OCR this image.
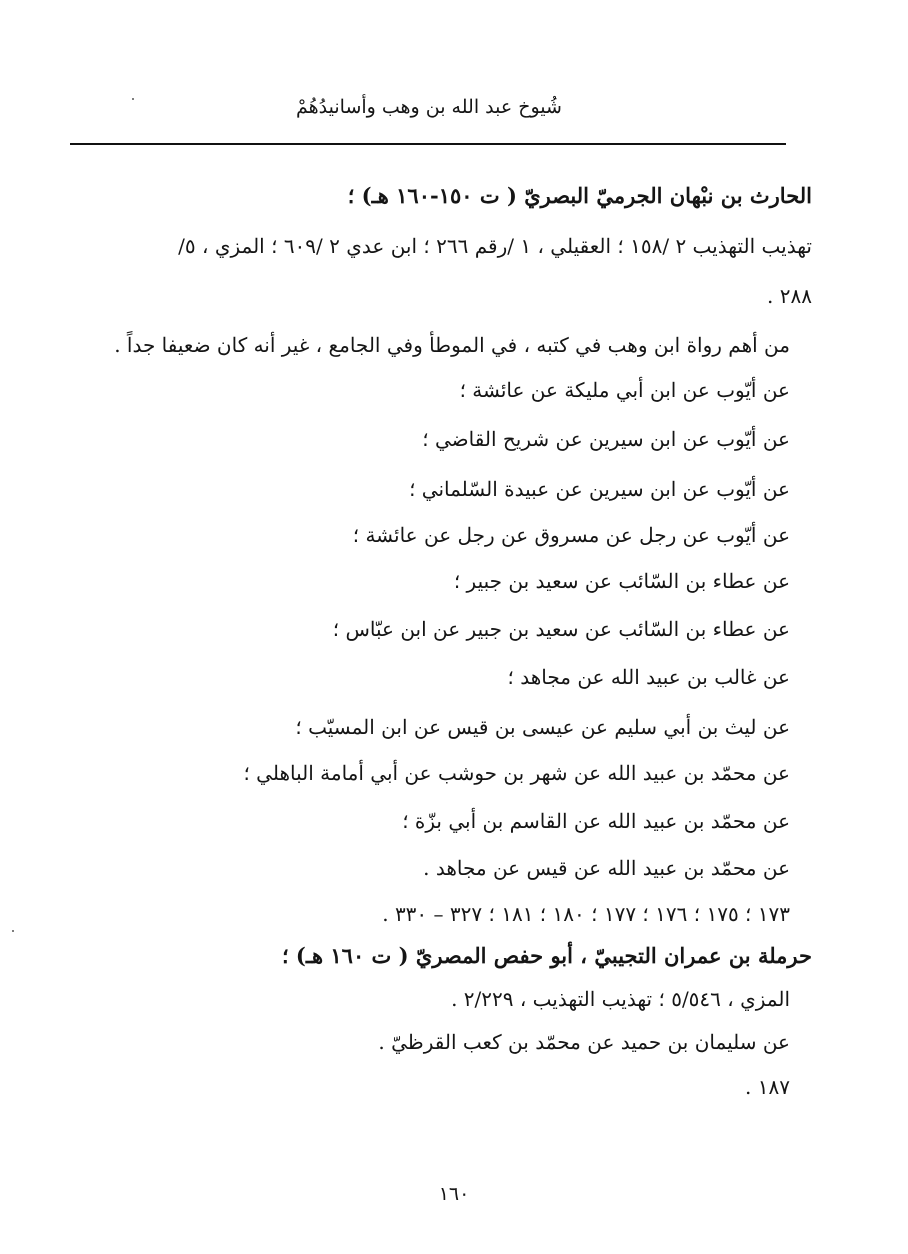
شُيوخ عبد الله بن وهب وأسانيدُهُمْ
الحارث بن نبْهان الجرميّ البصريّ ( ت ١٥٠-١٦٠ هـ) ؛
تهذيب التهذيب ٢ /١٥٨ ؛ العقيلي ، ١ /رقم ٢٦٦ ؛ ابن عدي ٢ /٦٠٩ ؛ المزي ، ٥/
٢٨٨ .
من أهم رواة ابن وهب في كتبه ، في الموطأ وفي الجامع ، غير أنه كان ضعيفا جداً .
عن أيّوب عن ابن أبي مليكة عن عائشة ؛
عن أيّوب عن ابن سيرين عن شريح القاضي ؛
عن أيّوب عن ابن سيرين عن عبيدة السّلماني ؛
عن أيّوب عن رجل عن مسروق عن رجل عن عائشة ؛
عن عطاء بن السّائب عن سعيد بن جبير ؛
عن عطاء بن السّائب عن سعيد بن جبير عن ابن عبّاس ؛
عن غالب بن عبيد الله عن مجاهد ؛
عن ليث بن أبي سليم عن عيسى بن قيس عن ابن المسيّب ؛
عن محمّد بن عبيد الله عن شهر بن حوشب عن أبي أمامة الباهلي ؛
عن محمّد بن عبيد الله عن القاسم بن أبي بزّة ؛
عن محمّد بن عبيد الله عن قيس عن مجاهد .
١٧٣ ؛ ١٧٥ ؛ ١٧٦ ؛ ١٧٧ ؛ ١٨٠ ؛ ١٨١ ؛ ٣٢٧ – ٣٣٠ .
حرملة بن عمران التجيبيّ ، أبو حفص المصريّ ( ت ١٦٠ هـ) ؛
المزي ، ٥/٥٤٦ ؛ تهذيب التهذيب ، ٢/٢٢٩ .
عن سليمان بن حميد عن محمّد بن كعب القرظيّ .
١٨٧ .
١٦٠
